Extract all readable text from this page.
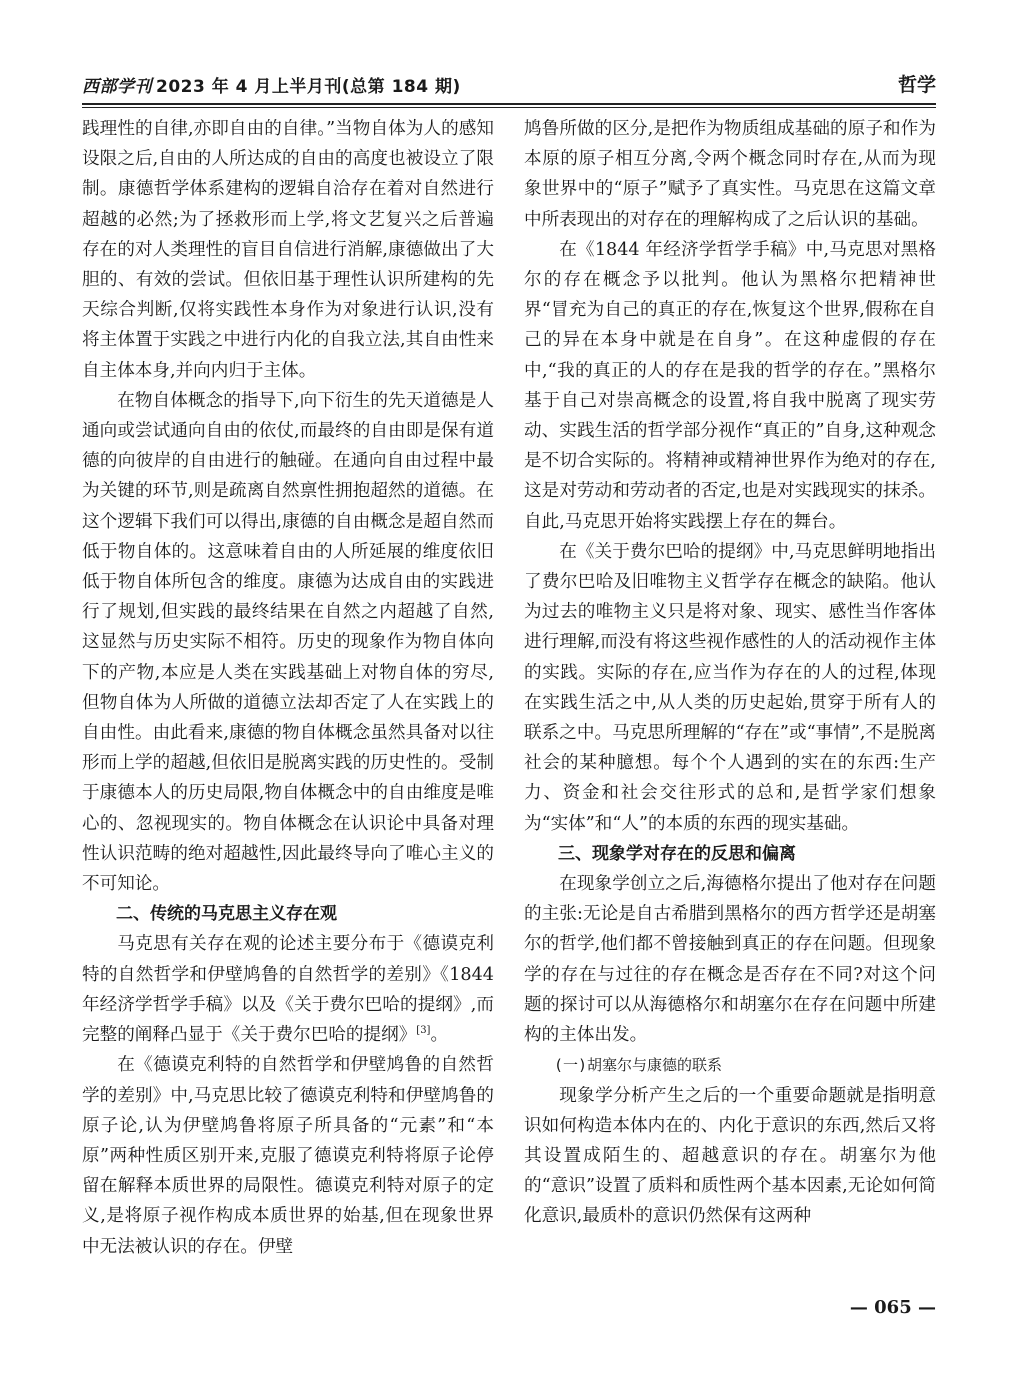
西部学刊 2023 年 4 月上半月刊(总第 184 期)	哲学

践理性的自律,亦即自由的自律。”当物自体为人的感知设限之后,自由的人所达成的自由的高度也被设立了限制。康德哲学体系建构的逻辑自洽存在着对自然进行超越的必然;为了拯救形而上学,将文艺复兴之后普遍存在的对人类理性的盲目自信进行消解,康德做出了大胆的、有效的尝试。但依旧基于理性认识所建构的先天综合判断,仅将实践性本身作为对象进行认识,没有将主体置于实践之中进行内化的自我立法,其自由性来自主体本身,并向内归于主体。

在物自体概念的指导下,向下衍生的先天道德是人通向或尝试通向自由的依仗,而最终的自由即是保有道德的向彼岸的自由进行的触碰。在通向自由过程中最为关键的环节,则是疏离自然禀性拥抱超然的道德。在这个逻辑下我们可以得出,康德的自由概念是超自然而低于物自体的。这意味着自由的人所延展的维度依旧低于物自体所包含的维度。康德为达成自由的实践进行了规划,但实践的最终结果在自然之内超越了自然,这显然与历史实际不相符。历史的现象作为物自体向下的产物,本应是人类在实践基础上对物自体的穷尽,但物自体为人所做的道德立法却否定了人在实践上的自由性。由此看来,康德的物自体概念虽然具备对以往形而上学的超越,但依旧是脱离实践的历史性的。受制于康德本人的历史局限,物自体概念中的自由维度是唯心的、忽视现实的。物自体概念在认识论中具备对理性认识范畴的绝对超越性,因此最终导向了唯心主义的不可知论。

二、传统的马克思主义存在观

马克思有关存在观的论述主要分布于《德谟克利特的自然哲学和伊壁鸠鲁的自然哲学的差别》《1844年经济学哲学手稿》以及《关于费尔巴哈的提纲》,而完整的阐释凸显于《关于费尔巴哈的提纲》[3]。

在《德谟克利特的自然哲学和伊壁鸠鲁的自然哲学的差别》中,马克思比较了德谟克利特和伊壁鸠鲁的原子论,认为伊壁鸠鲁将原子所具备的“元素”和“本原”两种性质区别开来,克服了德谟克利特将原子论停留在解释本质世界的局限性。德谟克利特对原子的定义,是将原子视作构成本质世界的始基,但在现象世界中无法被认识的存在。伊壁

鸠鲁所做的区分,是把作为物质组成基础的原子和作为本原的原子相互分离,令两个概念同时存在,从而为现象世界中的“原子”赋予了真实性。马克思在这篇文章中所表现出的对存在的理解构成了之后认识的基础。

在《1844 年经济学哲学手稿》中,马克思对黑格尔的存在概念予以批判。他认为黑格尔把精神世界“冒充为自己的真正的存在,恢复这个世界,假称在自己的异在本身中就是在自身”。在这种虚假的存在中,“我的真正的人的存在是我的哲学的存在。”黑格尔基于自己对崇高概念的设置,将自我中脱离了现实劳动、实践生活的哲学部分视作“真正的”自身,这种观念是不切合实际的。将精神或精神世界作为绝对的存在,这是对劳动和劳动者的否定,也是对实践现实的抹杀。自此,马克思开始将实践摆上存在的舞台。

在《关于费尔巴哈的提纲》中,马克思鲜明地指出了费尔巴哈及旧唯物主义哲学存在概念的缺陷。他认为过去的唯物主义只是将对象、现实、感性当作客体进行理解,而没有将这些视作感性的人的活动视作主体的实践。实际的存在,应当作为存在的人的过程,体现在实践生活之中,从人类的历史起始,贯穿于所有人的联系之中。马克思所理解的“存在”或“事情”,不是脱离社会的某种臆想。每个个人遇到的实在的东西:生产力、资金和社会交往形式的总和,是哲学家们想象为“实体”和“人”的本质的东西的现实基础。

三、现象学对存在的反思和偏离

在现象学创立之后,海德格尔提出了他对存在问题的主张:无论是自古希腊到黑格尔的西方哲学还是胡塞尔的哲学,他们都不曾接触到真正的存在问题。但现象学的存在与过往的存在概念是否存在不同?对这个问题的探讨可以从海德格尔和胡塞尔在存在问题中所建构的主体出发。

(一)胡塞尔与康德的联系

现象学分析产生之后的一个重要命题就是指明意识如何构造本体内在的、内化于意识的东西,然后又将其设置成陌生的、超越意识的存在。胡塞尔为他的“意识”设置了质料和质性两个基本因素,无论如何简化意识,最质朴的意识仍然保有这两种

— 065 —
